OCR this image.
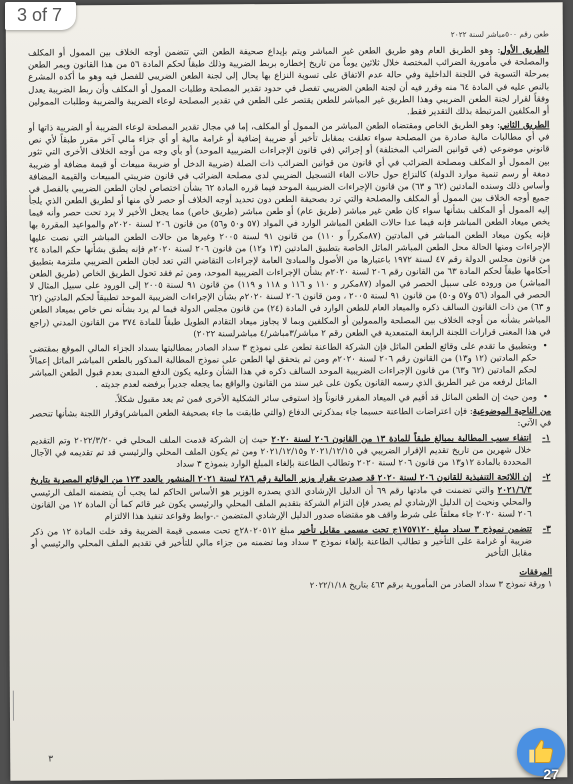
3 of 7
طعن رقم ٥٠٠مباشر لسنة ٢٠٢٢

الطريق الأول: وهو الطريق العام وهو طريق الطعن غير المباشر ويتم بإيداع صحيفة الطعن التي تتضمن أوجه الخلاف بين الممول أو المكلف والمصلحة في مأمورية الضرائب المختصة خلال ثلاثين يوماً من تاريخ إخطاره بربط الضريبة وذلك طبقاً لحكم المادة ٥٦ من هذا القانون ويمر الطعن بمرحلة التسوية في اللجنة الداخلية وفي حالة عدم الاتفاق على تسوية النزاع بها يحال إلى لجنة الطعن الضريبي للفصل فيه وهو ما أكده المشرع بالنص عليه في المادة ٦٤ منه وقرر فيه أن لجنة الطعن الضريبي تفصل في حدود تقدير المصلحة وطلبات الممول أو المكلف وأن ربط الضريبة يعدل وفقاً لقرار لجنة الطعن الضريبي وهذا الطريق غير المباشر للطعن يقتصر على الطعن في تقدير المصلحة لوعاء الضريبة والضريبة وطلبات الممولين أو المكلفين المرتبطة بذلك التقدير فقط.

الطريق الثاني: وهو الطريق الخاص ومقتضاه الطعن المباشر من الممول أو المكلف، إما في مجال تقدير المصلحة لوعاء الضريبة أو الضريبة ذاتها أو في أي مطالبات مالية صادرة من المصلحة سواء تعلقت بمقابل تأخير أو ضريبة إضافية أو غرامة مالية أو أي جزاء مالي آخر مقرر طبقاً لأي نص قانوني موضوعي (في قوانين الضرائب المختلفة) أو إجرائي (في قانون الإجراءات الضريبية الموحد) أو بأي وجه من أوجه الخلاف الأخرى التي تثور بين الممول أو المكلف ومصلحة الضرائب في أي قانون من قوانين الضرائب ذات الصلة (ضريبة الدخل أو ضريبة مبيعات أو قيمة مضافة أو ضريبة دمغة أو رسم تنمية موارد الدولة) كالنزاع حول حالات الغاء التسجيل الضريبي لدى مصلحة الضرائب في قانون ضريبتي المبيعات والقيمة المضافة وأساس ذلك وسنده المادتين (٦٢ و ٦٣) من قانون الإجراءات الضريبية الموحد فيما قرره المادة ٦٢ بشأن اختصاص لجان الطعن الضريبي بالفصل في جميع أوجه الخلاف بين الممول أو المكلف والمصلحة والتي ترد بصحيفة الطعن دون تحديد أوجه الخلاف أو حصر لأي منها أو لطريق الطعن الذي يلجأ إليه الممول أو المكلف بشأنها سواء كان طعن غير مباشر (طريق عام) أو طعن مباشر (طريق خاص) مما يجعل الأخير لا يرد تحت حصر وأنه فيما يخص ميعاد الطعن المباشر فإنه فيما عدا حالات الطعن المباشر الوارد في المواد (٥٧ و٥٠ و٥٦) من قانون ٢٠٦ لسنة ٢٠٢٠م والمواعيد المقررة بها فإنه يكون ميعاد الطعن المباشر في المادتين (٨٧مكرراً و ١١٠) من قانون ٩١ لسنة ٢٠٠٥ وغيرها من حالات الطعن المباشر التي نصت عليها الإجراءات ومنها الحالة محل الطعن المباشر الماثل الخاصة بتطبيق المادتين (١٣ و١٢) من قانون ٢٠٦ لسنة ٢٠٢٠م فإنه يطبق بشأنها حكم المادة ٢٤ من قانون مجلس الدولة رقم ٤٧ لسنة ١٩٧٢ باعتبارها من الأصول والمبادئ العامة لإجراءات التقاضي التي تعد لجان الطعن الضريبي ملتزمة بتطبيق أحكامها طبقاً لحكم المادة ٦٣ من القانون رقم ٢٠٦ لسنة ٢٠٢٠م بشأن الإجراءات الضريبية الموحد، ومن ثم فقد تحول الطريق الخاص (طريق الطعن المباشر) من وروده على سبيل الحصر في المواد (٨٧مكرر و ١١٠ و ١١٦ و ١١٨ و ١١٩) من قانون ٩١ لسنة ٢٠٠٥ إلى الورود على سبيل المثال لا الحصر في المواد (٥٦ و٥٧ و٥٠) من قانون ٩١ لسنة ٢٠٠٥ ، ومن قانون ٢٠٦ لسنة ٢٠٢٠م بشأن الإجراءات الضريبية الموحد تطبيقاً لحكم المادتين (٦٢ و ٦٣) من ذات القانون السالف ذكره والميعاد العام للطعن الوارد في المادة (٢٤) من قانون مجلس الدولة فيما لم يرد بشأنه نص خاص بميعاد الطعن المباشر بشأنه من أوجه الخلاف بين المصلحة والممولين أو المكلفين وبما لا يجاوز ميعاد التقادم الطويل طبقاً للمادة ٣٧٤ من القانون المدني (راجع في هذا المعنى قرارات اللجنة الرابعة المتمعدية في الطعن رقم ٢ مباشر/٣مباشر/٤ مباشرلسنة ٢٠٢٢)

• وبتطبيق ما تقدم على وقائع الطعن الماثل فإن الشركة الطاعنة تطعن على نموذج ٣ سداد الصادر بمطالبتها بسداد الجزاء المالي الموقع بمقتضى حكم المادتين (١٢ و١٣) من القانون رقم ٢٠٦ لسنة ٢٠٢٠م ومن ثم يتحقق لها الطعن على نموذج المطالبة المذكور بالطعن المباشر الماثل إعمالاً لحكم المادتين (٦٢ و٦٣) من قانون الإجراءات الضريبية الموحد السالف ذكره في هذا الشأن وعليه يكون الدفع المبدى بعدم قبول الطعن المباشر الماثل لرفعه من غير الطريق الذي رسمه القانون يكون على غير سند من القانون والواقع بما يجعله جديراً برفضه لعدم جديته .
• ومن حيث إن الطعن الماثل قد أقيم في الميعاد المقرر قانوناً وإذ استوفى سائر الشكلية الأخرى فمن ثم يعد مقبول شكلاً.

من الناحية الموضوعية: فإن اعتراضات الطاعنة حسبما جاء بمذكرتي الدفاع (والتي طابقت ما جاء بصحيفة الطعن المباشر)وقرار اللجنة بشأنها تنحصر في الآتي:

١-
انتفاء سبب المطالبة بمبالغ طبقاً للمادة ١٣ من القانون ٢٠٦ لسنة ٢٠٢٠ حيث إن الشركة قدمت الملف المحلي في ٢٠٢٢/٣/٢٠ وتم التقديم خلال شهرين من تاريخ تقديم الإقرار الضريبي في ٢٠٢١/١٢/١٥ و٢٠٢١/١٢/١٥ ومن ثم يكون الملف المحلي والرئيسي قد تم تقديمه في الآجال المحددة بالمادة ١٢و١٣ من قانون ٢٠٦ لسنة ٢٠٢٠ وتطالب الطاعنة بإلغاء المبلغ الوارد بنموذج ٣ سداد
٢-
إن اللائحة التنفيذية للقانون ٢٠٦ لسنة ٢٠٢٠ قد صدرت بقرار وزير المالية رقم ٢٨٦ لسنة ٢٠٢١ المنشور بالعدد ١٢٣ من الوقائع المصرية بتاريخ ٢٠٢١/٦/٣ والتي تضمنت في مادتها رقم ٦٩ أن الدليل الإرشادي الذي يصدره الوزير هو الأساس الحاكم لما يجب أن يتضمنه الملف الرئيسي والمحلي ونحيث إن الدليل الإرشادي لم يصدر فإن التزام الشركة بتقديم الملف المحلي والرئيسي يكون غير قائم كما أن المادة ١٢ من القانون ٢٠٦ لسنة ٢٠٢٠ جاء معلقاً على شرط واقف هو مقتضاه صدور الدليل الإرشادي المتضمن -.-وابط وقواعد تنفيذ هذا الالتزام
٣-
تتضمن نموذج ٣ سداد مبلغ ١٧٥٧١٢٠ج تحت مسمى مقابل تأخير مبلغ ٢٨٠٢٠٥١٢ج تحت مسمى قيمة الضريبة وقد خلت المادة ١٢ من ذكر ضريبة أو غرامة على التأخير و تطالب الطاعنة بإلغاء نموذج ٣ سداد وما تضمنه من جزاء مالي للتأخير في تقديم الملف المحلي والرئيسي أو مقابل التأخير
المرفقات
١ ورقة نموذج ٣ سداد الصادر من المأمورية برقم ٤٦٣ بتاريخ ٢٠٢٢/١/١٨
٣
27
